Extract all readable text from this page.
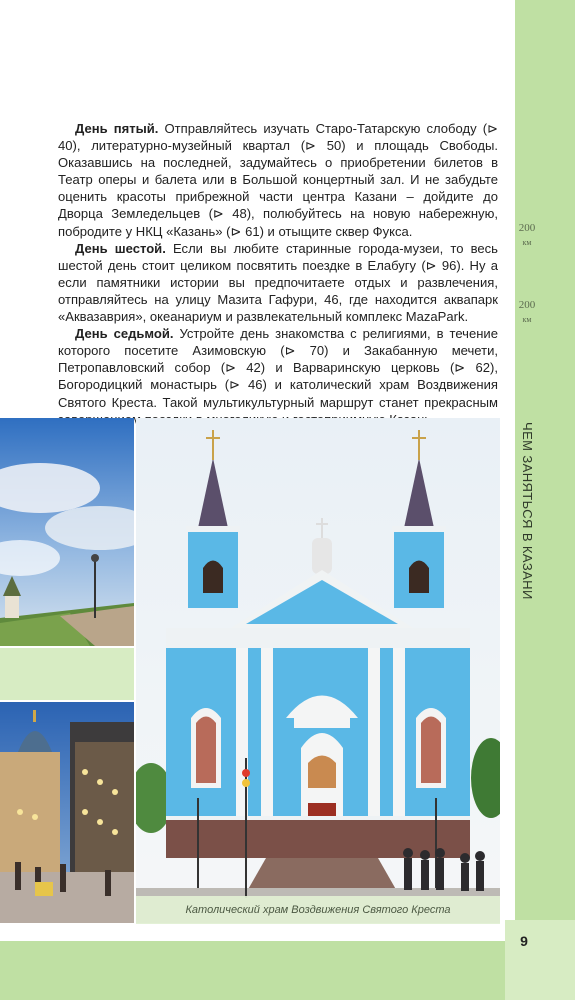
200
км
200
км
ЧЕМ ЗАНЯТЬСЯ В КАЗАНИ

День пятый. Отправляйтесь изучать Старо-Татарскую слободу (⊳ 40), литературно-музейный квартал (⊳ 50) и площадь Свободы. Оказавшись на последней, задумайтесь о приобретении билетов в Театр оперы и балета или в Большой концертный зал. И не забудьте оценить красоты прибрежной части центра Казани – дойдите до Дворца Земледельцев (⊳ 48), полюбуйтесь на новую набережную, побродите у НКЦ «Казань» (⊳ 61) и отыщите сквер Фукса.

День шестой. Если вы любите старинные города-музеи, то весь шестой день стоит целиком посвятить поездке в Елабугу (⊳ 96). Ну а если памятники истории вы предпочитаете отдых и развлечения, отправляйтесь на улицу Мазита Гафури, 46, где находится аквапарк «Аквазаврия», океанариум и развлекательный комплекс MazaPark.

День седьмой. Устройте день знакомства с религиями, в течение которого посетите Азимовскую (⊳ 70) и Закабанную мечети, Петропавловский собор (⊳ 42) и Варваринскую церковь (⊳ 62), Богородицкий монастырь (⊳ 46) и католический храм Воздвижения Святого Креста. Такой мультикультурный маршрут станет прекрасным

Католический храм Воздвижения Святого Креста
9
